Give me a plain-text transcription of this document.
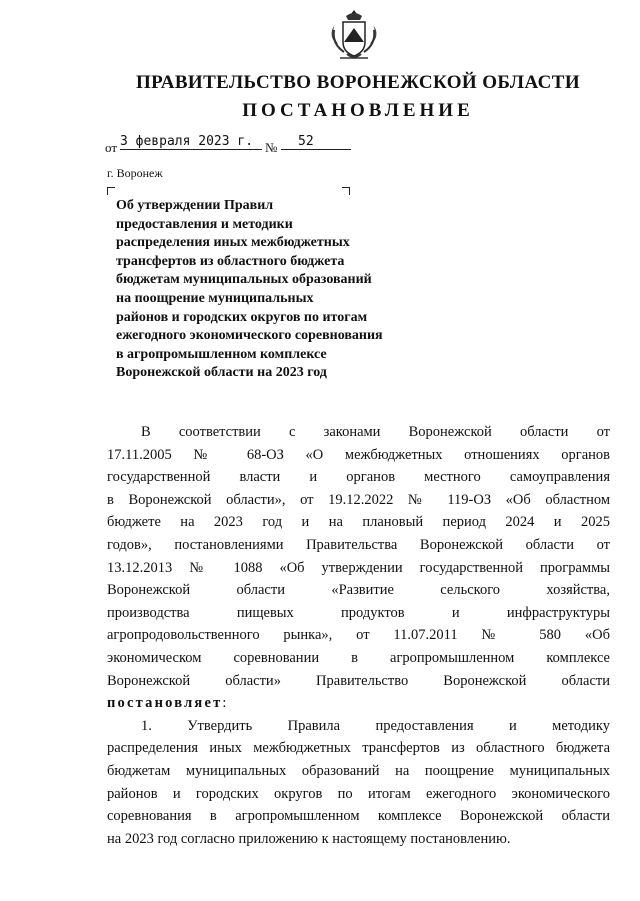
ПРАВИТЕЛЬСТВО ВОРОНЕЖСКОЙ ОБЛАСТИ
ПОСТАНОВЛЕНИЕ
от 3 февраля 2023 г. № 52
г. Воронеж
Об утверждении Правил
предоставления и методики
распределения иных межбюджетных
трансфертов из областного бюджета
бюджетам муниципальных образований
на поощрение муниципальных
районов и городских округов по итогам
ежегодного экономического соревнования
в агропромышленном комплексе
Воронежской области на 2023 год
В соответствии с законами Воронежской области от
17.11.2005 № 68-ОЗ «О межбюджетных отношениях органов
государственной власти и органов местного самоуправления
в Воронежской области», от 19.12.2022 № 119-ОЗ «Об областном
бюджете на 2023 год и на плановый период 2024 и 2025
годов», постановлениями Правительства Воронежской области от
13.12.2013 № 1088 «Об утверждении государственной программы
Воронежской области «Развитие сельского хозяйства,
производства пищевых продуктов и инфраструктуры
агропродовольственного рынка», от 11.07.2011 № 580 «Об
экономическом соревновании в агропромышленном комплексе
Воронежской области» Правительство Воронежской области
постановляет:
1. Утвердить Правила предоставления и методику
распределения иных межбюджетных трансфертов из областного бюджета
бюджетам муниципальных образований на поощрение муниципальных
районов и городских округов по итогам ежегодного экономического
соревнования в агропромышленном комплексе Воронежской области
на 2023 год согласно приложению к настоящему постановлению.
